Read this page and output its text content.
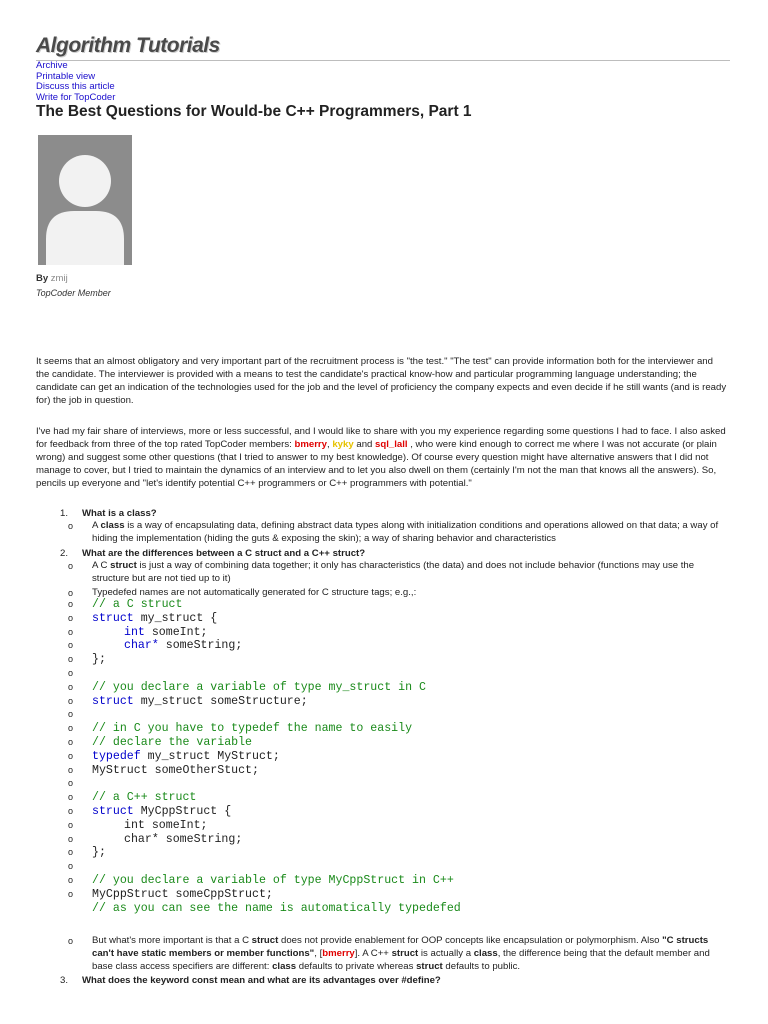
Algorithm Tutorials
Archive
Printable view
Discuss this article
Write for TopCoder
The Best Questions for Would-be C++ Programmers, Part 1
By zmij
TopCoder Member

It seems that an almost obligatory and very important part of the recruitment process is "the test." "The test" can provide information both for the interviewer and the candidate. The interviewer is provided with a means to test the candidate's practical know-how and particular programming language understanding; the candidate can get an indication of the technologies used for the job and the level of proficiency the company expects and even decide if he still wants (and is ready for) the job in question.

I've had my fair share of interviews, more or less successful, and I would like to share with you my experience regarding some questions I had to face. I also asked for feedback from three of the top rated TopCoder members: bmerry, kyky and sql_lall , who were kind enough to correct me where I was not accurate (or plain wrong) and suggest some other questions (that I tried to answer to my best knowledge). Of course every question might have alternative answers that I did not manage to cover, but I tried to maintain the dynamics of an interview and to let you also dwell on them (certainly I'm not the man that knows all the answers). So, pencils up everyone and "let's identify potential C++ programmers or C++ programmers with potential."

1. What is a class?
o A class is a way of encapsulating data, defining abstract data types along with initialization conditions and operations allowed on that data; a way of hiding the implementation (hiding the guts & exposing the skin); a way of sharing behavior and characteristics
2. What are the differences between a C struct and a C++ struct?
o A C struct is just a way of combining data together; it only has characteristics (the data) and does not include behavior (functions may use the structure but are not tied up to it)
o Typedefed names are not automatically generated for C structure tags; e.g.,:
o
o
o
o
o
o
o
o
o
o
o
o
o
o
o
o
o
o
o
o
o
o
// a C struct
struct my_struct {
int someInt;
char* someString;
};

// you declare a variable of type my_struct in C
struct my_struct someStructure;

// in C you have to typedef the name to easily
// declare the variable
typedef my_struct MyStruct;
MyStruct someOtherStuct;

// a C++ struct
struct MyCppStruct {
int someInt;
char* someString;
};

// you declare a variable of type MyCppStruct in C++
MyCppStruct someCppStruct;
// as you can see the name is automatically typedefed
o But what's more important is that a C struct does not provide enablement for OOP concepts like encapsulation or polymorphism. Also "C structs can't have static members or member functions", [bmerry]. A C++ struct is actually a class, the difference being that the default member and base class access specifiers are different: class defaults to private whereas struct defaults to public.
3. What does the keyword const mean and what are its advantages over #define?
